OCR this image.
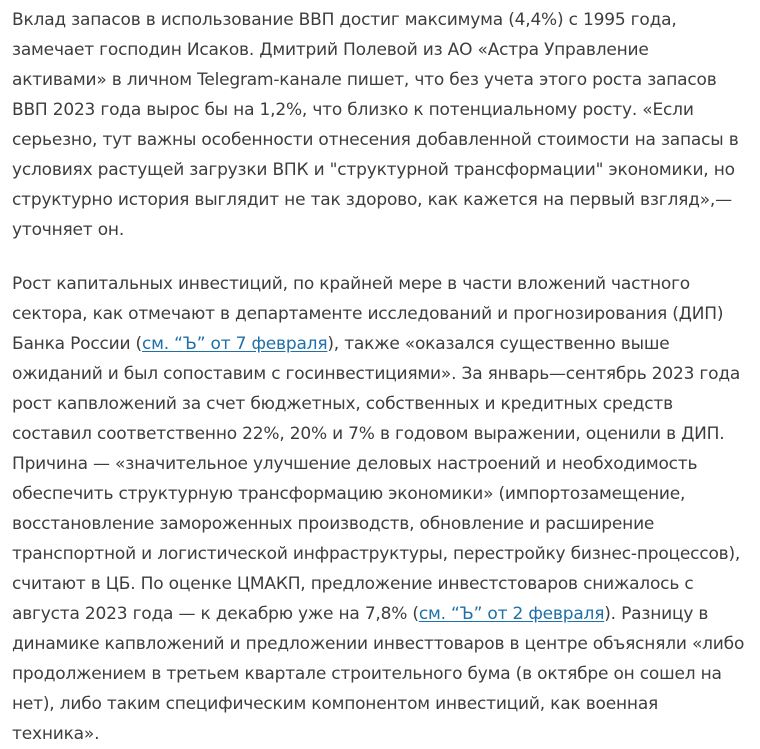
Вклад запасов в использование ВВП достиг максимума (4,4%) с 1995 года, замечает господин Исаков. Дмитрий Полевой из АО «Астра Управление активами» в личном Telegram-канале пишет, что без учета этого роста запасов ВВП 2023 года вырос бы на 1,2%, что близко к потенциальному росту. «Если серьезно, тут важны особенности отнесения добавленной стоимости на запасы в условиях растущей загрузки ВПК и "структурной трансформации" экономики, но структурно история выглядит не так здорово, как кажется на первый взгляд»,— уточняет он.

Рост капитальных инвестиций, по крайней мере в части вложений частного сектора, как отмечают в департаменте исследований и прогнозирования (ДИП) Банка России (см. “Ъ” от 7 февраля), также «оказался существенно выше ожиданий и был сопоставим с госинвестициями». За январь—сентябрь 2023 года рост капвложений за счет бюджетных, собственных и кредитных средств составил соответственно 22%, 20% и 7% в годовом выражении, оценили в ДИП. Причина — «значительное улучшение деловых настроений и необходимость обеспечить структурную трансформацию экономики» (импортозамещение, восстановление замороженных производств, обновление и расширение транспортной и логистической инфраструктуры, перестройку бизнес-процессов), считают в ЦБ. По оценке ЦМАКП, предложение инвестстоваров снижалось с августа 2023 года — к декабрю уже на 7,8% (см. “Ъ” от 2 февраля). Разницу в динамике капвложений и предложении инвесттоваров в центре объясняли «либо продолжением в третьем квартале строительного бума (в октябре он сошел на нет), либо таким специфическим компонентом инвестиций, как военная техника».
